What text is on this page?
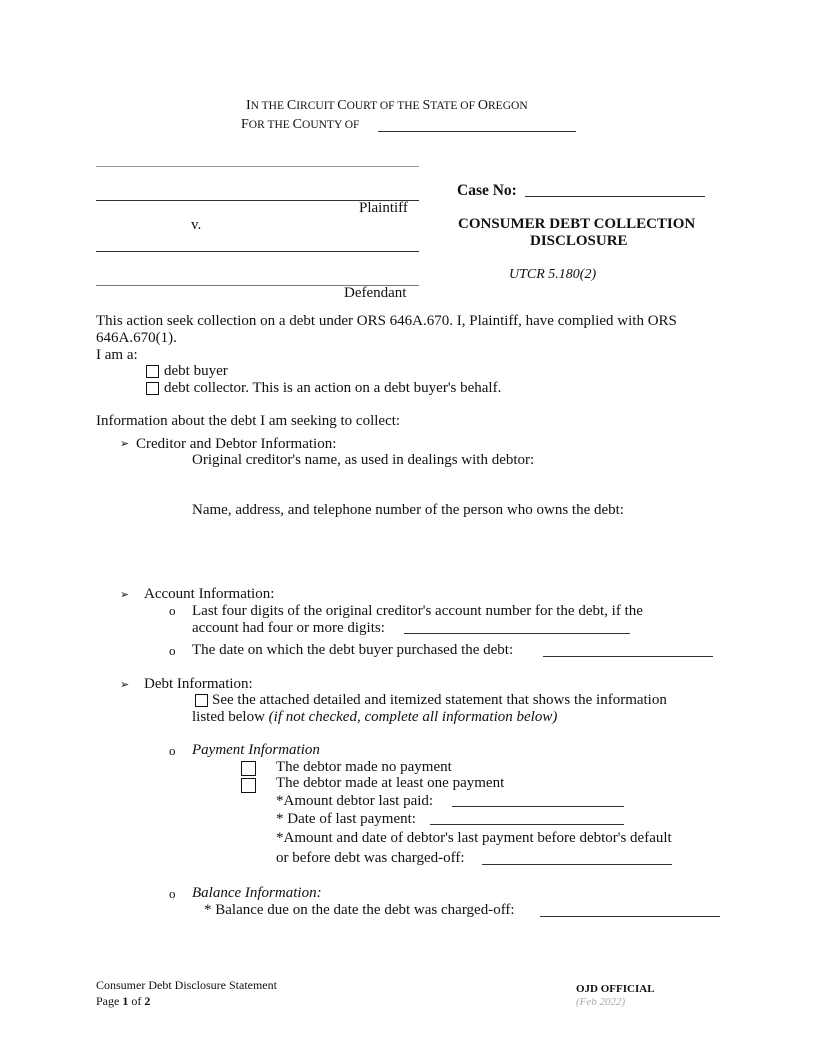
IN THE CIRCUIT COURT OF THE STATE OF OREGON
FOR THE COUNTY OF
Plaintiff
v.
Defendant
Case No:
CONSUMER DEBT COLLECTION
DISCLOSURE
UTCR 5.180(2)
This action seek collection on a debt under ORS 646A.670. I, Plaintiff, have complied with ORS
646A.670(1).
I am a:
debt buyer
debt collector. This is an action on a debt buyer's behalf.
Information about the debt I am seeking to collect:
➢ Creditor and Debtor Information:
Original creditor's name, as used in dealings with debtor:
Name, address, and telephone number of the person who owns the debt:
➢ Account Information:
o Last four digits of the original creditor's account number for the debt, if the
account had four or more digits:
o The date on which the debt buyer purchased the debt:
➢ Debt Information:
See the attached detailed and itemized statement that shows the information
listed below (if not checked, complete all information below)
o Payment Information
The debtor made no payment
The debtor made at least one payment
*Amount debtor last paid:
* Date of last payment:
*Amount and date of debtor's last payment before debtor's default
or before debt was charged-off:
o Balance Information:
* Balance due on the date the debt was charged-off:
Consumer Debt Disclosure Statement
Page 1 of 2
OJD OFFICIAL
(Feb 2022)
